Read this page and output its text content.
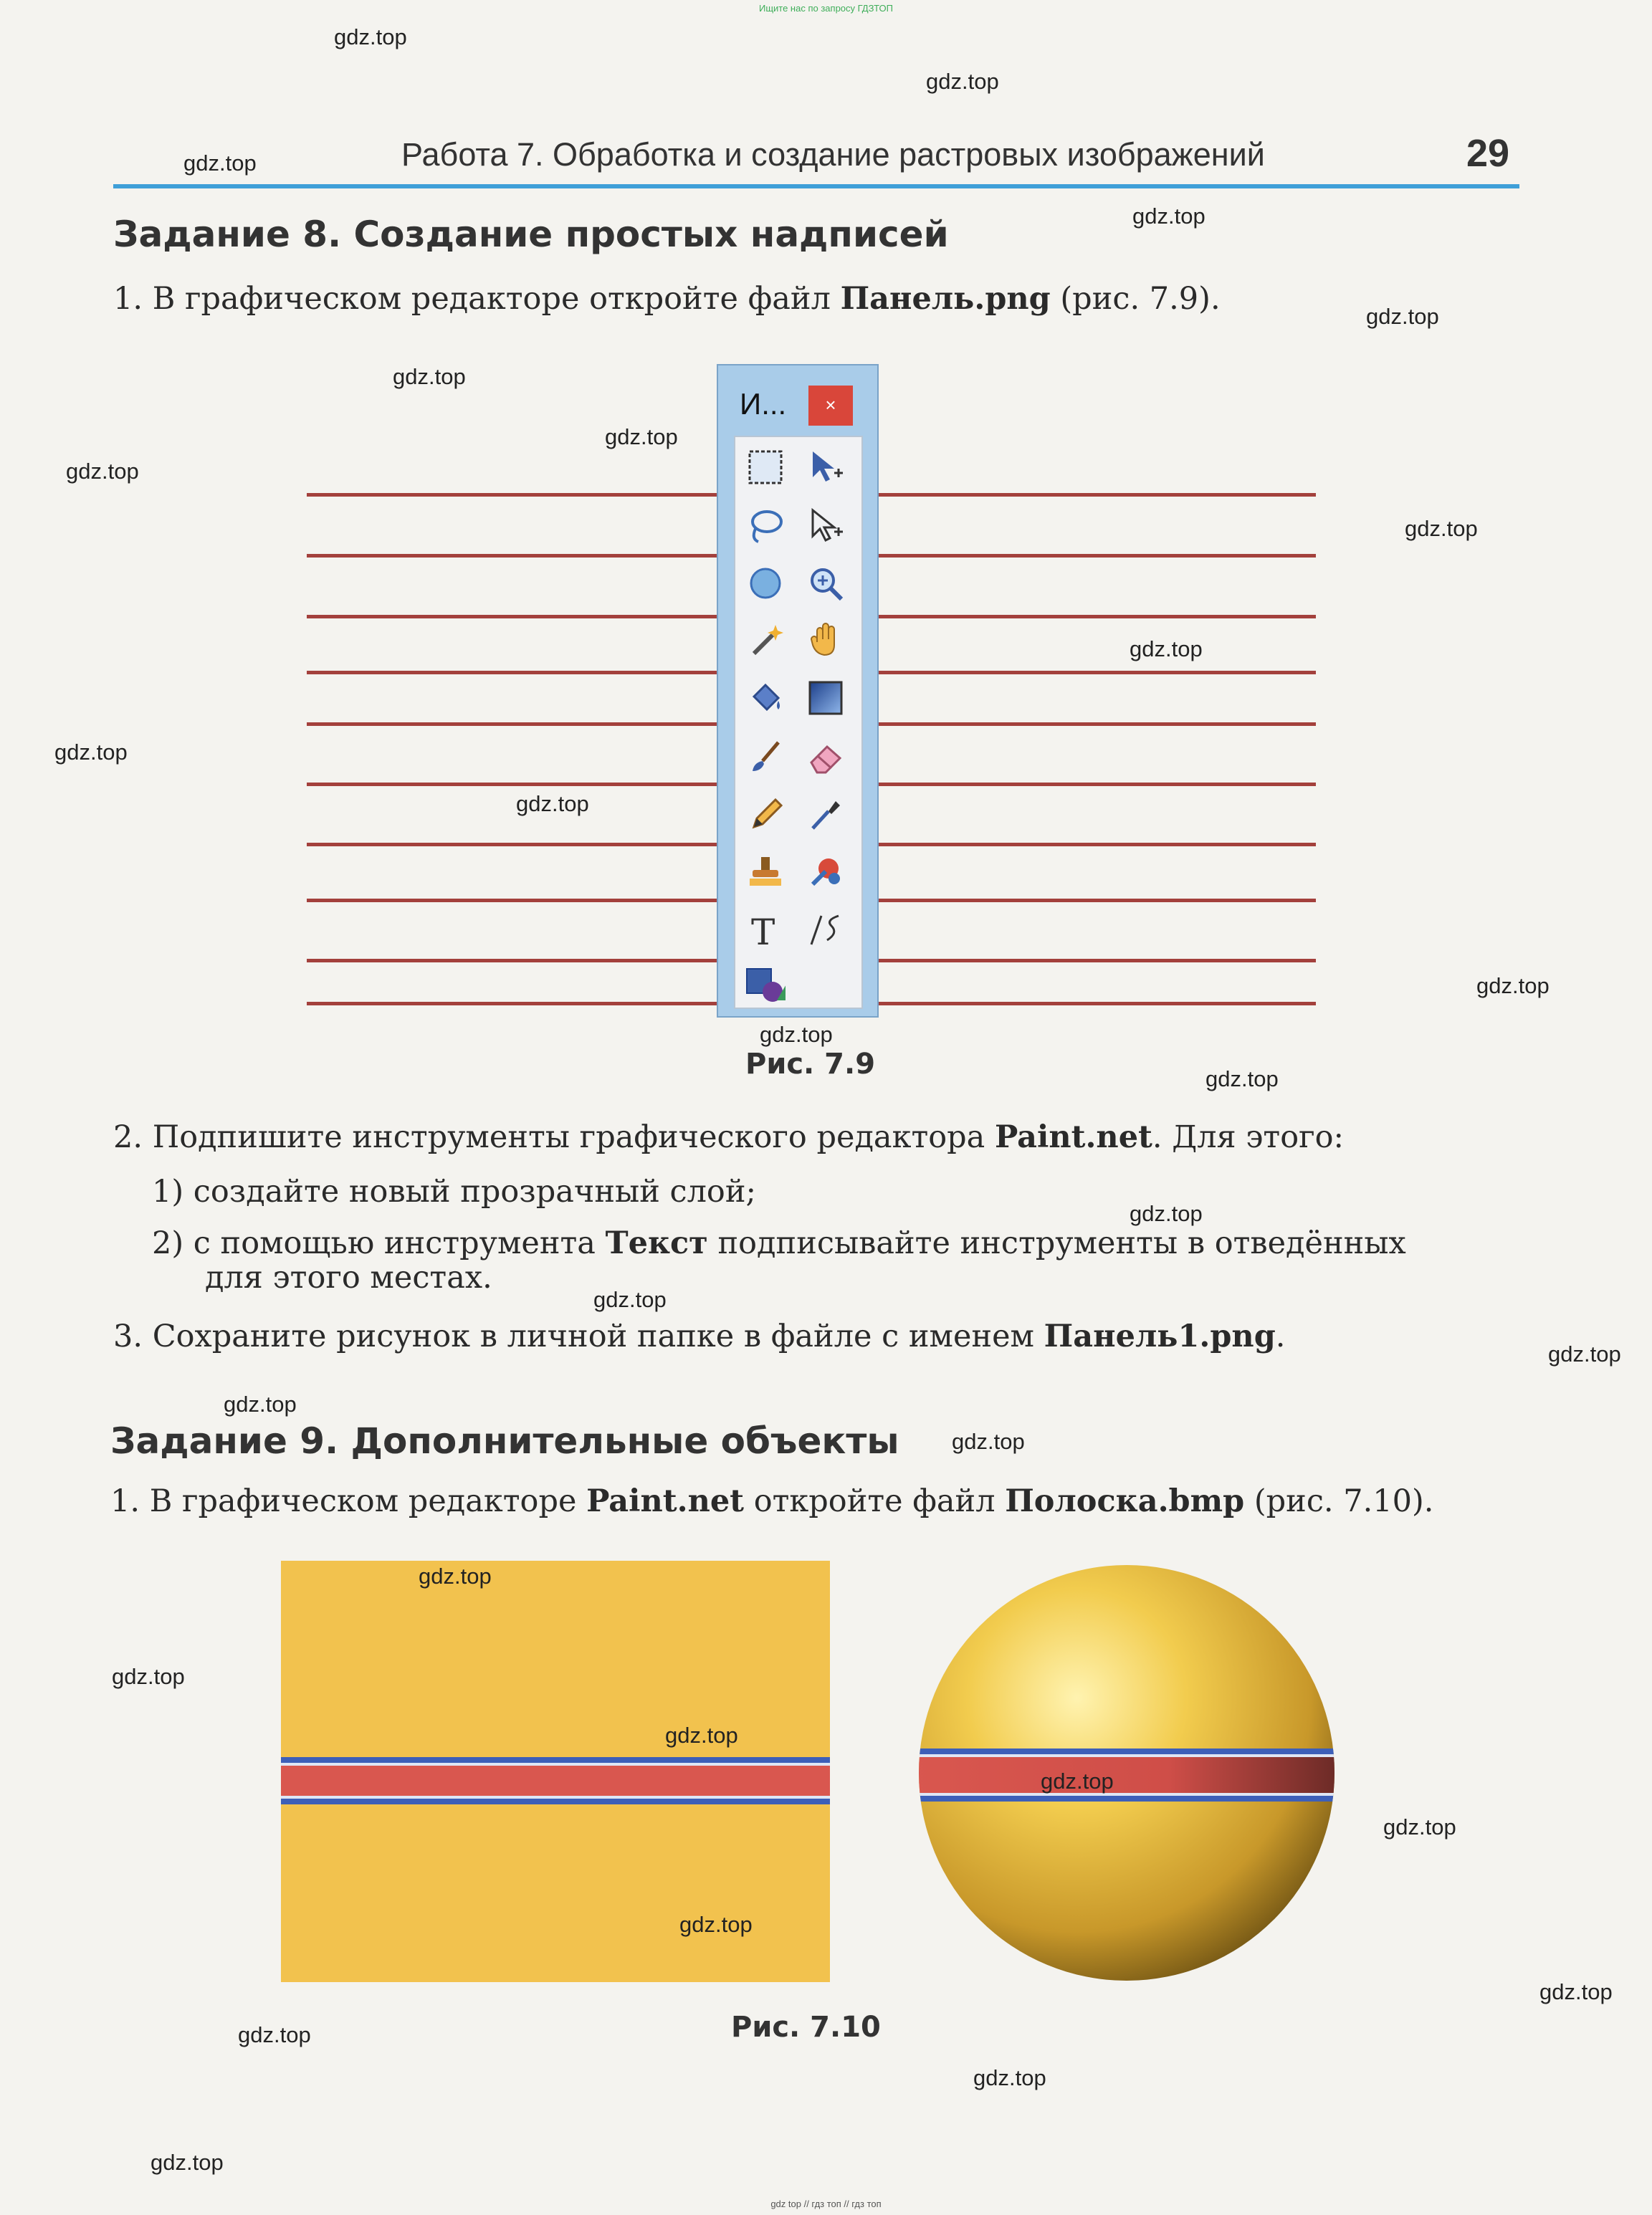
Ищите нас по запросу ГДЗТОП
Работа 7. Обработка и создание растровых изображений	29
Задание 8. Создание простых надписей
1. В графическом редакторе откройте файл Панель.png (рис. 7.9).
И...	×
T
Рис. 7.9
2. Подпишите инструменты графического редактора Paint.net. Для этого:
1) создайте новый прозрачный слой;
2) с помощью инструмента Текст подписывайте инструменты в отведённых
для этого местах.
3. Сохраните рисунок в личной папке в файле с именем Панель1.png.
Задание 9. Дополнительные объекты
1. В графическом редакторе Paint.net откройте файл Полоска.bmp (рис. 7.10).
Рис. 7.10
gdz.top
gdz.top
gdz.top
gdz.top
gdz.top
gdz.top
gdz.top
gdz.top
gdz.top
gdz.top
gdz.top
gdz.top
gdz.top
gdz.top
gdz.top
gdz.top
gdz.top
gdz.top
gdz.top
gdz.top
gdz.top
gdz.top
gdz.top
gdz.top
gdz.top
gdz.top
gdz.top
gdz.top
gdz.top
gdz.top
gdz top // гдз топ // гдз топ
